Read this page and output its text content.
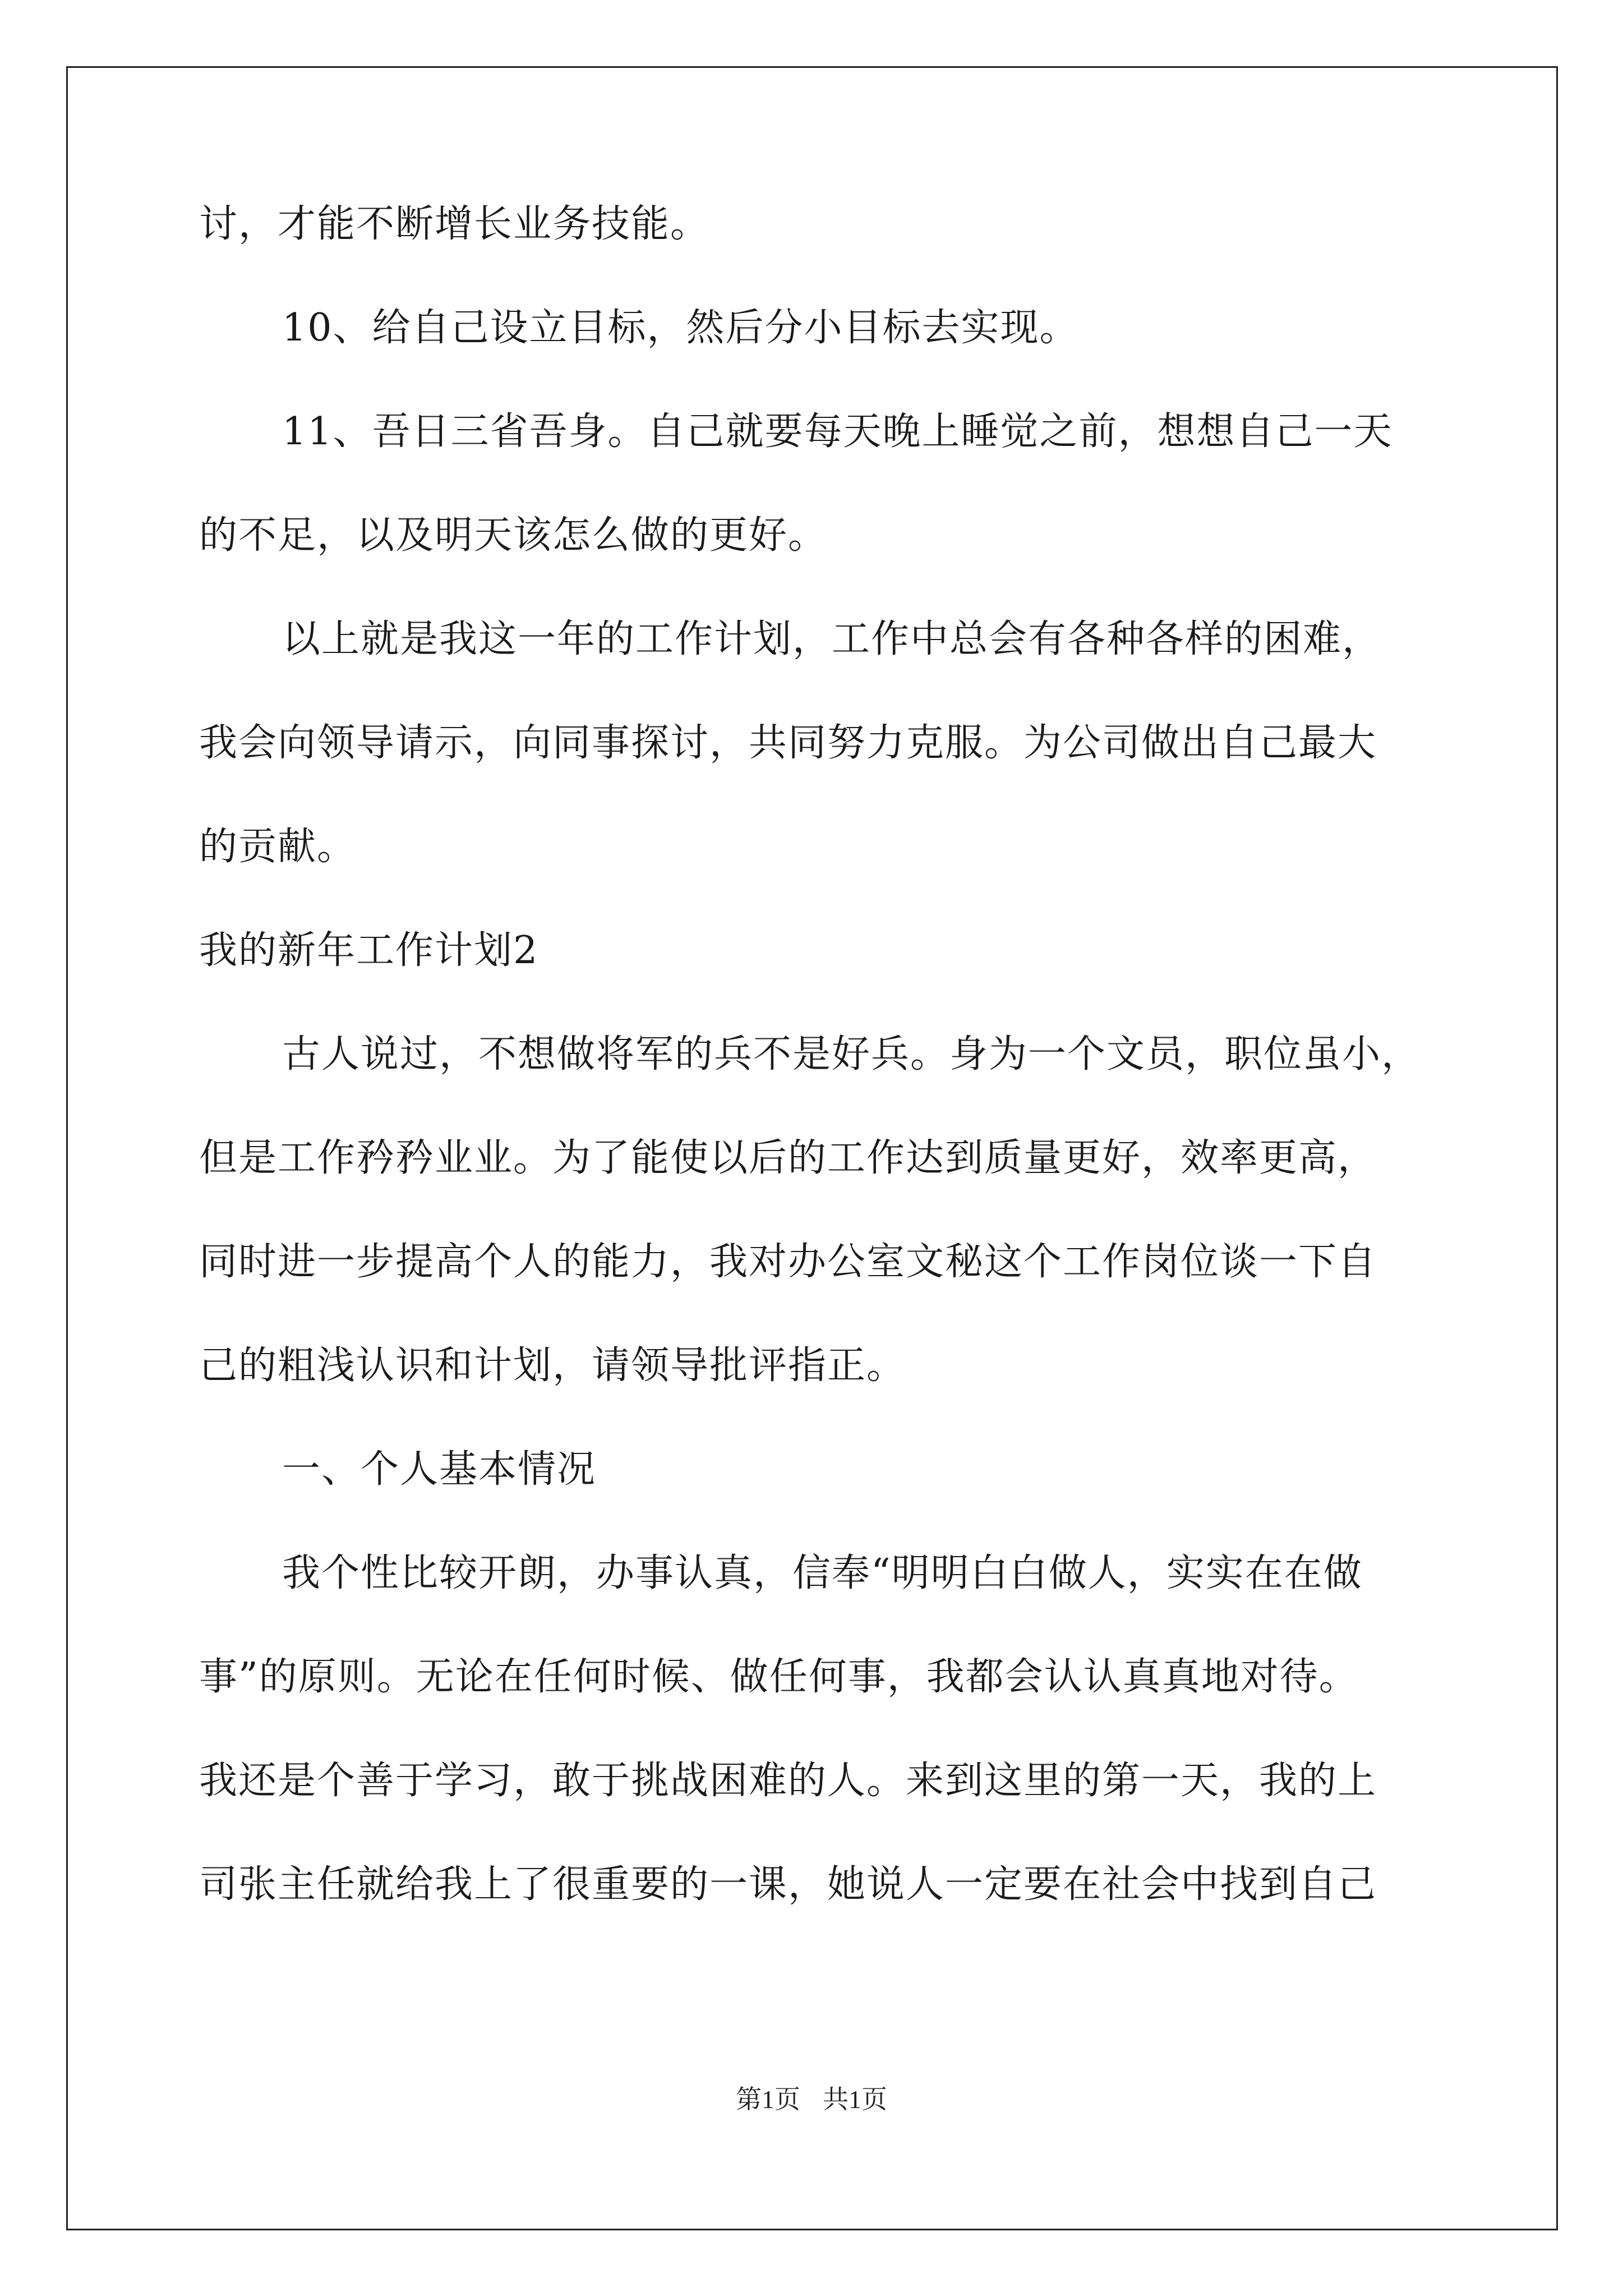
讨，才能不断增长业务技能。
10、给自己设立目标，然后分小目标去实现。
11、吾日三省吾身。自己就要每天晚上睡觉之前，想想自己一天
的不足，以及明天该怎么做的更好。
以上就是我这一年的工作计划，工作中总会有各种各样的困难，
我会向领导请示，向同事探讨，共同努力克服。为公司做出自己最大
的贡献。
我的新年工作计划2
古人说过，不想做将军的兵不是好兵。身为一个文员，职位虽小，
但是工作矜矜业业。为了能使以后的工作达到质量更好，效率更高，
同时进一步提高个人的能力，我对办公室文秘这个工作岗位谈一下自
己的粗浅认识和计划，请领导批评指正。
一、个人基本情况
我个性比较开朗，办事认真，信奉“明明白白做人，实实在在做
事”的原则。无论在任何时候、做任何事，我都会认认真真地对待。
我还是个善于学习，敢于挑战困难的人。来到这里的第一天，我的上
司张主任就给我上了很重要的一课，她说人一定要在社会中找到自己
第1页 共1页
